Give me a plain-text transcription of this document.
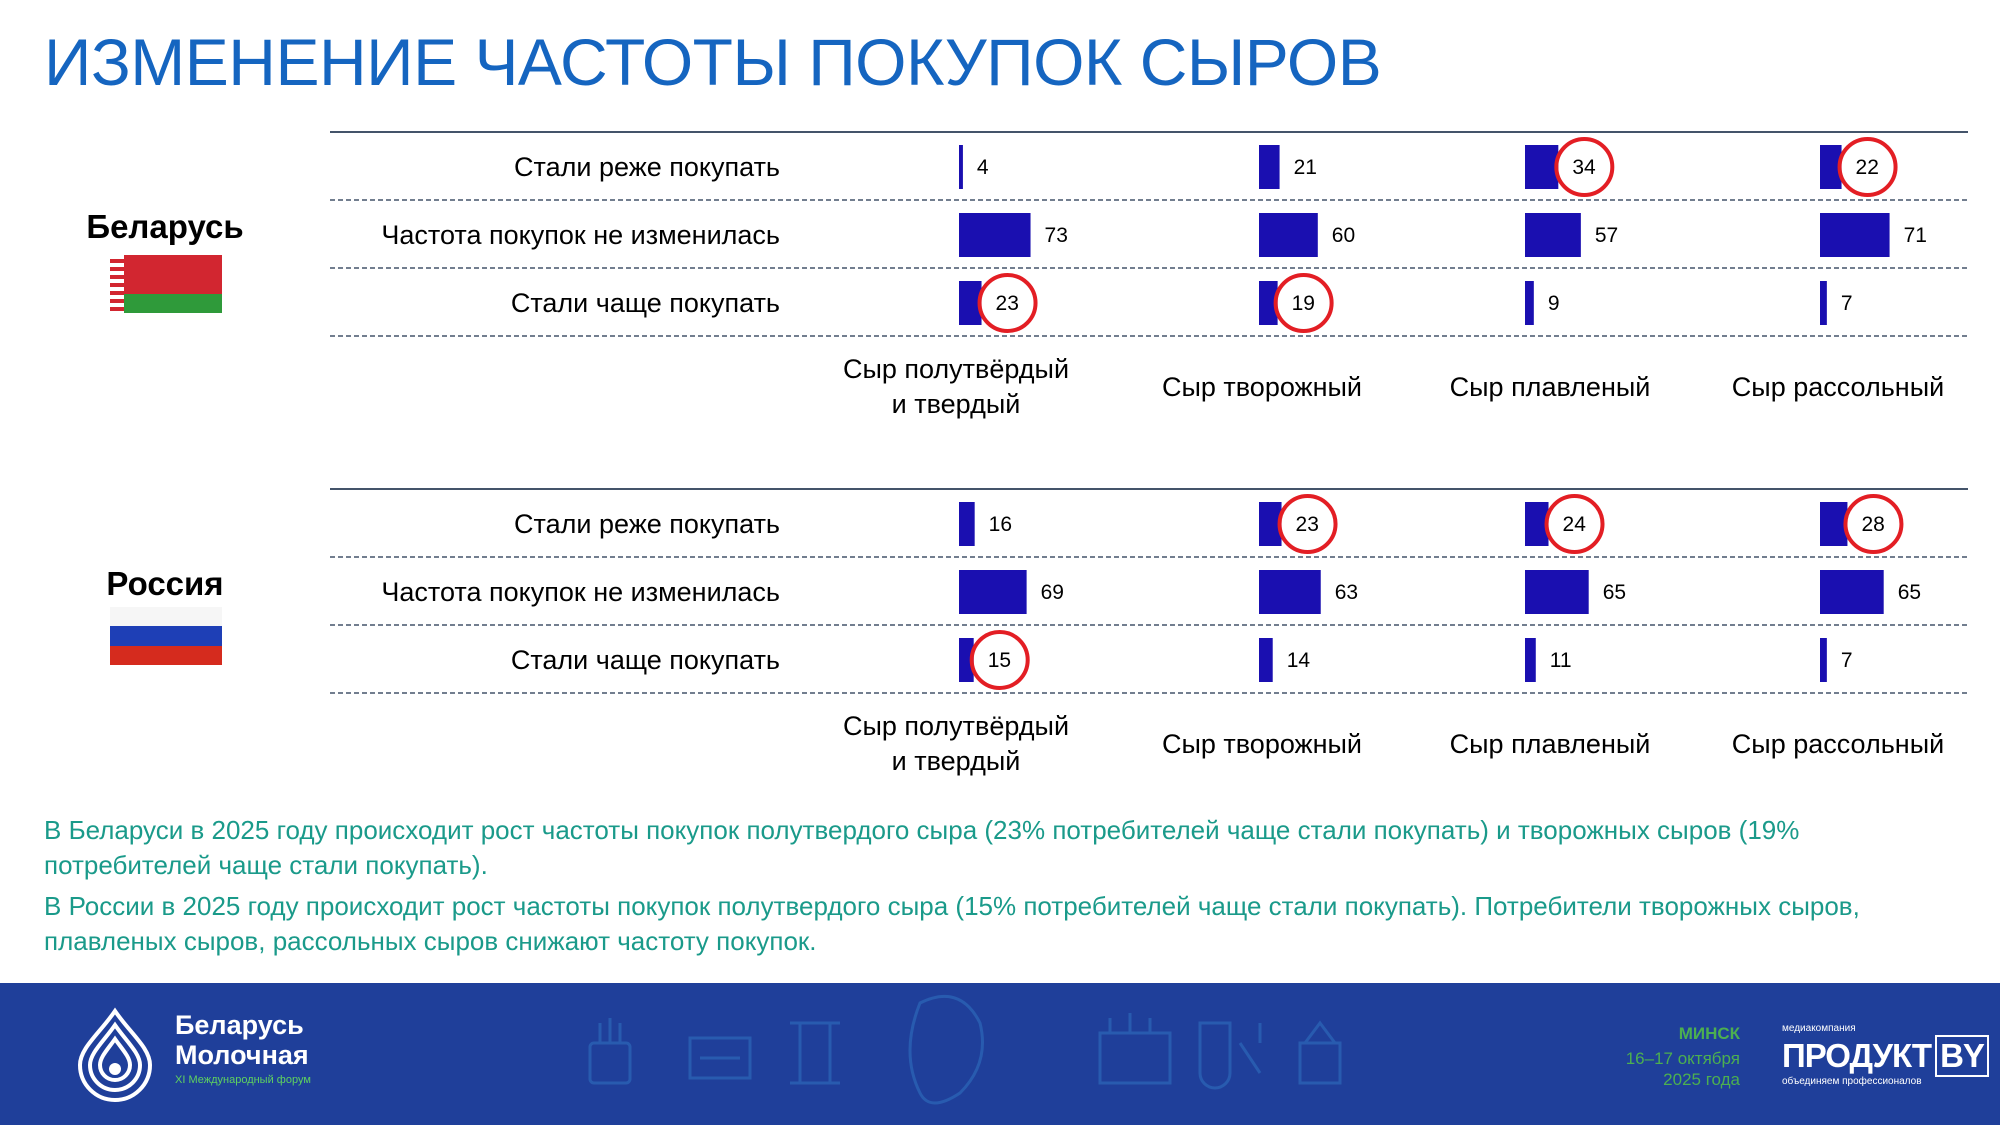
ИЗМЕНЕНИЕ ЧАСТОТЫ ПОКУПОК СЫРОВ
Беларусь
Россия
Стали реже покупать	4	21	34	22
Частота покупок не изменилась	73	60	57	71
Стали чаще покупать	23	19	9	7
Сыр полутвёрдый
и твердый
Сыр творожный	Сыр плавленый	Сыр рассольный
Стали реже покупать	16	23	24	28
Частота покупок не изменилась	69	63	65	65
Стали чаще покупать	15	14	11	7
Сыр полутвёрдый
и твердый
Сыр творожный	Сыр плавленый	Сыр рассольный
В Беларуси в 2025 году происходит рост частоты покупок полутвердого сыра (23% потребителей чаще стали покупать) и творожных сыров (19% потребителей чаще стали покупать).
В России в 2025 году происходит рост частоты покупок полутвердого сыра (15% потребителей чаще стали покупать). Потребители творожных сыров, плавленых сыров, рассольных сыров снижают частоту покупок.
Беларусь
Молочная
XI Международный форум
МИНСК
16–17 октября
2025 года
медиакомпания
ПРОДУКТ BY
объединяем профессионалов
